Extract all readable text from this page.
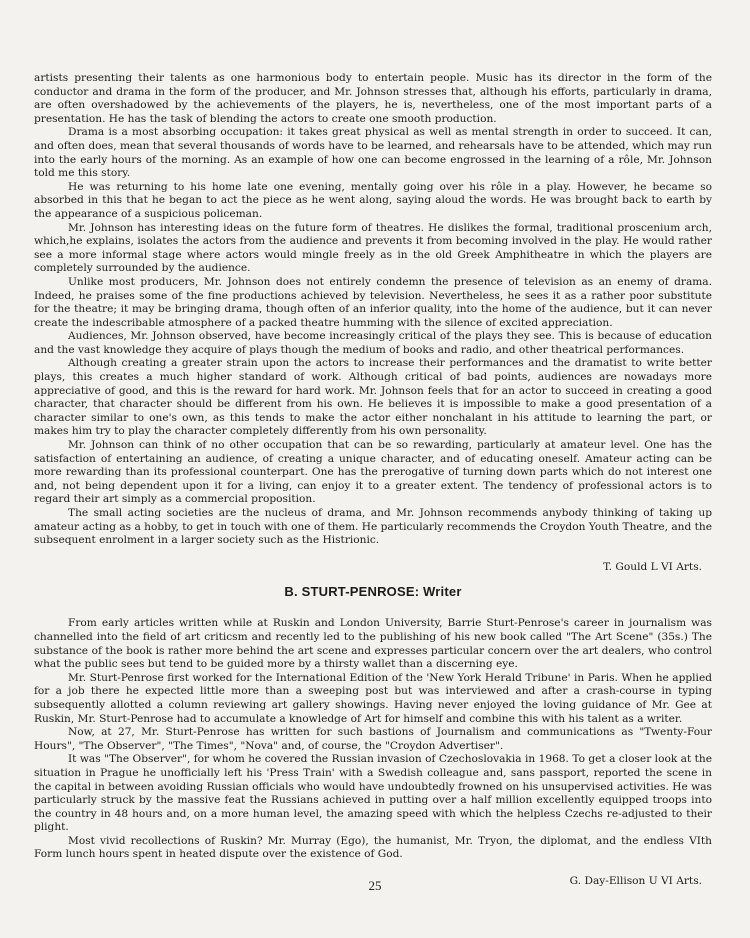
artists presenting their talents as one harmonious body to entertain people. Music has its director in the form of the conductor and drama in the form of the producer, and Mr. Johnson stresses that, although his efforts, particularly in drama, are often overshadowed by the achievements of the players, he is, nevertheless, one of the most important parts of a presentation. He has the task of blending the actors to create one smooth production.

Drama is a most absorbing occupation: it takes great physical as well as mental strength in order to succeed. It can, and often does, mean that several thousands of words have to be learned, and rehearsals have to be attended, which may run into the early hours of the morning. As an example of how one can become engrossed in the learning of a rôle, Mr. Johnson told me this story.

He was returning to his home late one evening, mentally going over his rôle in a play. However, he became so absorbed in this that he began to act the piece as he went along, saying aloud the words. He was brought back to earth by the appearance of a suspicious policeman.

Mr. Johnson has interesting ideas on the future form of theatres. He dislikes the formal, traditional proscenium arch, which,he explains, isolates the actors from the audience and prevents it from becoming involved in the play. He would rather see a more informal stage where actors would mingle freely as in the old Greek Amphitheatre in which the players are completely surrounded by the audience.

Unlike most producers, Mr. Johnson does not entirely condemn the presence of television as an enemy of drama. Indeed, he praises some of the fine productions achieved by television. Nevertheless, he sees it as a rather poor substitute for the theatre; it may be bringing drama, though often of an inferior quality, into the home of the audience, but it can never create the indescribable atmosphere of a packed theatre humming with the silence of excited appreciation.

Audiences, Mr. Johnson observed, have become increasingly critical of the plays they see. This is because of education and the vast knowledge they acquire of plays though the medium of books and radio, and other theatrical performances.

Although creating a greater strain upon the actors to increase their performances and the dramatist to write better plays, this creates a much higher standard of work. Although critical of bad points, audiences are nowadays more appreciative of good, and this is the reward for hard work. Mr. Johnson feels that for an actor to succeed in creating a good character, that character should be different from his own. He believes it is impossible to make a good presentation of a character similar to one's own, as this tends to make the actor either nonchalant in his attitude to learning the part, or makes him try to play the character completely differently from his own personality.

Mr. Johnson can think of no other occupation that can be so rewarding, particularly at amateur level. One has the satisfaction of entertaining an audience, of creating a unique character, and of educating oneself. Amateur acting can be more rewarding than its professional counterpart. One has the prerogative of turning down parts which do not interest one and, not being dependent upon it for a living, can enjoy it to a greater extent. The tendency of professional actors is to regard their art simply as a commercial proposition.

The small acting societies are the nucleus of drama, and Mr. Johnson recommends anybody thinking of taking up amateur acting as a hobby, to get in touch with one of them. He particularly recommends the Croydon Youth Theatre, and the subsequent enrolment in a larger society such as the Histrionic.

T. Gould L VI Arts.
B. STURT-PENROSE: Writer

From early articles written while at Ruskin and London University, Barrie Sturt-Penrose's career in journalism was channelled into the field of art criticsm and recently led to the publishing of his new book called "The Art Scene" (35s.) The substance of the book is rather more behind the art scene and expresses particular concern over the art dealers, who control what the public sees but tend to be guided more by a thirsty wallet than a discerning eye.

Mr. Sturt-Penrose first worked for the International Edition of the 'New York Herald Tribune' in Paris. When he applied for a job there he expected little more than a sweeping post but was interviewed and after a crash-course in typing subsequently allotted a column reviewing art gallery showings. Having never enjoyed the loving guidance of Mr. Gee at Ruskin, Mr. Sturt-Penrose had to accumulate a knowledge of Art for himself and combine this with his talent as a writer.

Now, at 27, Mr. Sturt-Penrose has written for such bastions of Journalism and communications as "Twenty-Four Hours", "The Observer", "The Times", "Nova" and, of course, the "Croydon Advertiser".

It was "The Observer", for whom he covered the Russian invasion of Czechoslovakia in 1968. To get a closer look at the situation in Prague he unofficially left his 'Press Train' with a Swedish colleague and, sans passport, reported the scene in the capital in between avoiding Russian officials who would have undoubtedly frowned on his unsupervised activities. He was particularly struck by the massive feat the Russians achieved in putting over a half million excellently equipped troops into the country in 48 hours and, on a more human level, the amazing speed with which the helpless Czechs re-adjusted to their plight.

Most vivid recollections of Ruskin? Mr. Murray (Ego), the humanist, Mr. Tryon, the diplomat, and the endless VIth Form lunch hours spent in heated dispute over the existence of God.

G. Day-Ellison U VI Arts.
25
